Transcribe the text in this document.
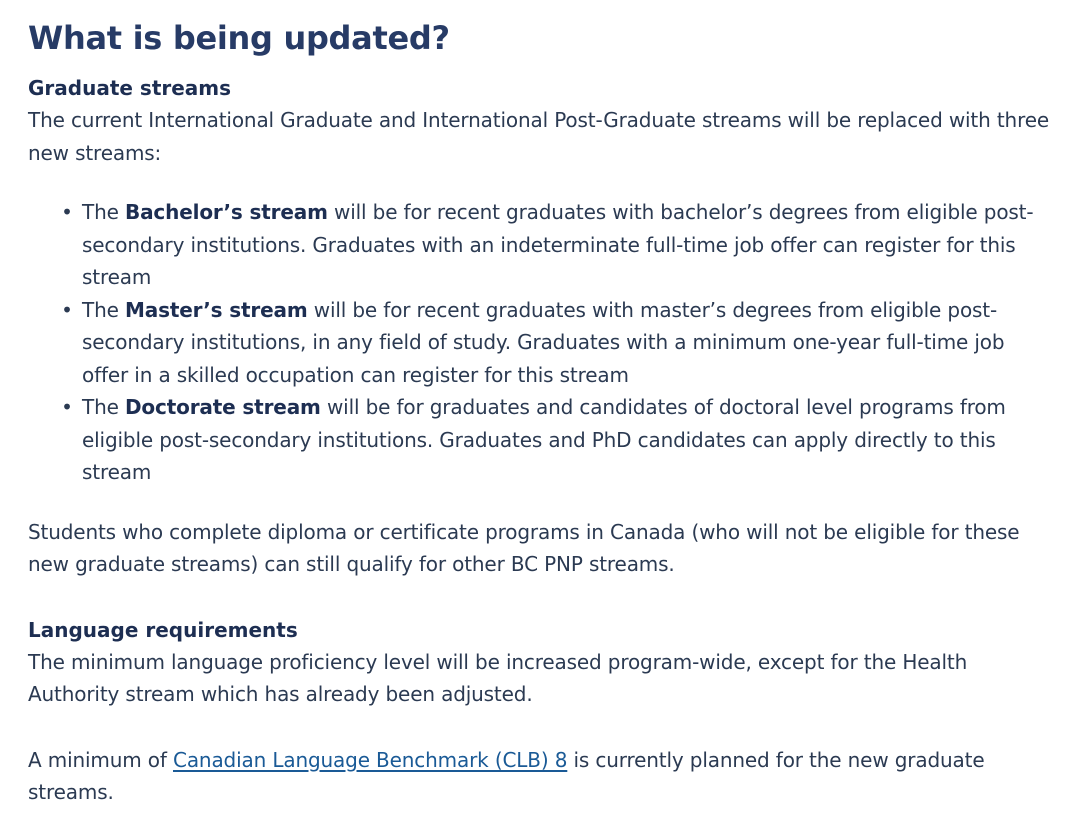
What is being updated?
Graduate streams

The current International Graduate and International Post-Graduate streams will be replaced with three new streams:

• The Bachelor’s stream will be for recent graduates with bachelor’s degrees from eligible post-secondary institutions. Graduates with an indeterminate full-time job offer can register for this stream
• The Master’s stream will be for recent graduates with master’s degrees from eligible post-secondary institutions, in any field of study. Graduates with a minimum one-year full-time job offer in a skilled occupation can register for this stream
• The Doctorate stream will be for graduates and candidates of doctoral level programs from eligible post-secondary institutions. Graduates and PhD candidates can apply directly to this stream

Students who complete diploma or certificate programs in Canada (who will not be eligible for these new graduate streams) can still qualify for other BC PNP streams.

Language requirements

The minimum language proficiency level will be increased program-wide, except for the Health Authority stream which has already been adjusted.

A minimum of Canadian Language Benchmark (CLB) 8 is currently planned for the new graduate streams.
